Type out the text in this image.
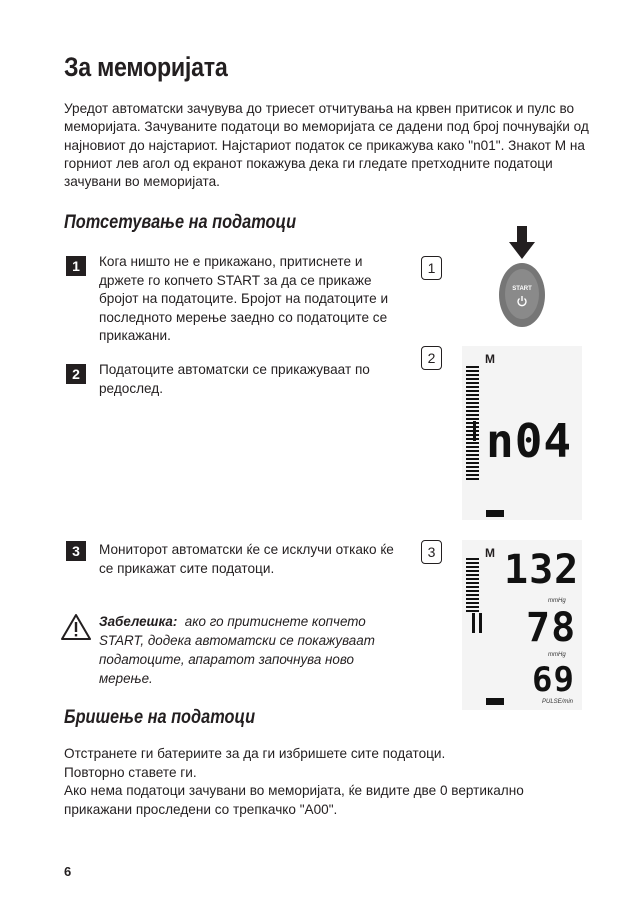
За меморијата

Уредот автоматски зачувува до триесет отчитувања на крвен притисок и пулс во меморијата. Зачуваните податоци во меморијата се дадени под број почнувајќи од најновиот до најстариот. Најстариот податок се прикажува како "n01". Знакот M на горниот лев агол од екранот покажува дека ги гледате претходните податоци зачувани во меморијата.

Потсетување на податоци
1	Кога ништо не е прикажано, притиснете и држете го копчето START за да се прикаже бројот на податоците. Бројот на податоците и последното мерење заедно со податоците се прикажани.

2	Податоците автоматски се прикажуваат по редослед.

3	Мониторот автоматски ќе се исклучи откако ќе се прикажат сите податоци.

Забелешка: ако го притиснете копчето START, додека автоматски се покажуваат податоците, апаратот започнува ново мерење.

1
2
3
START
M
n04
M 132
mmHg
78
mmHg
69
PULSE/min
Бришење на податоци
Отстранете ги батериите за да ги избришете сите податоци.
Повторно ставете ги.
Ако нема податоци зачувани во меморијата, ќе видите две 0 вертикално прикажани проследени со трепкачко "A00".
6
